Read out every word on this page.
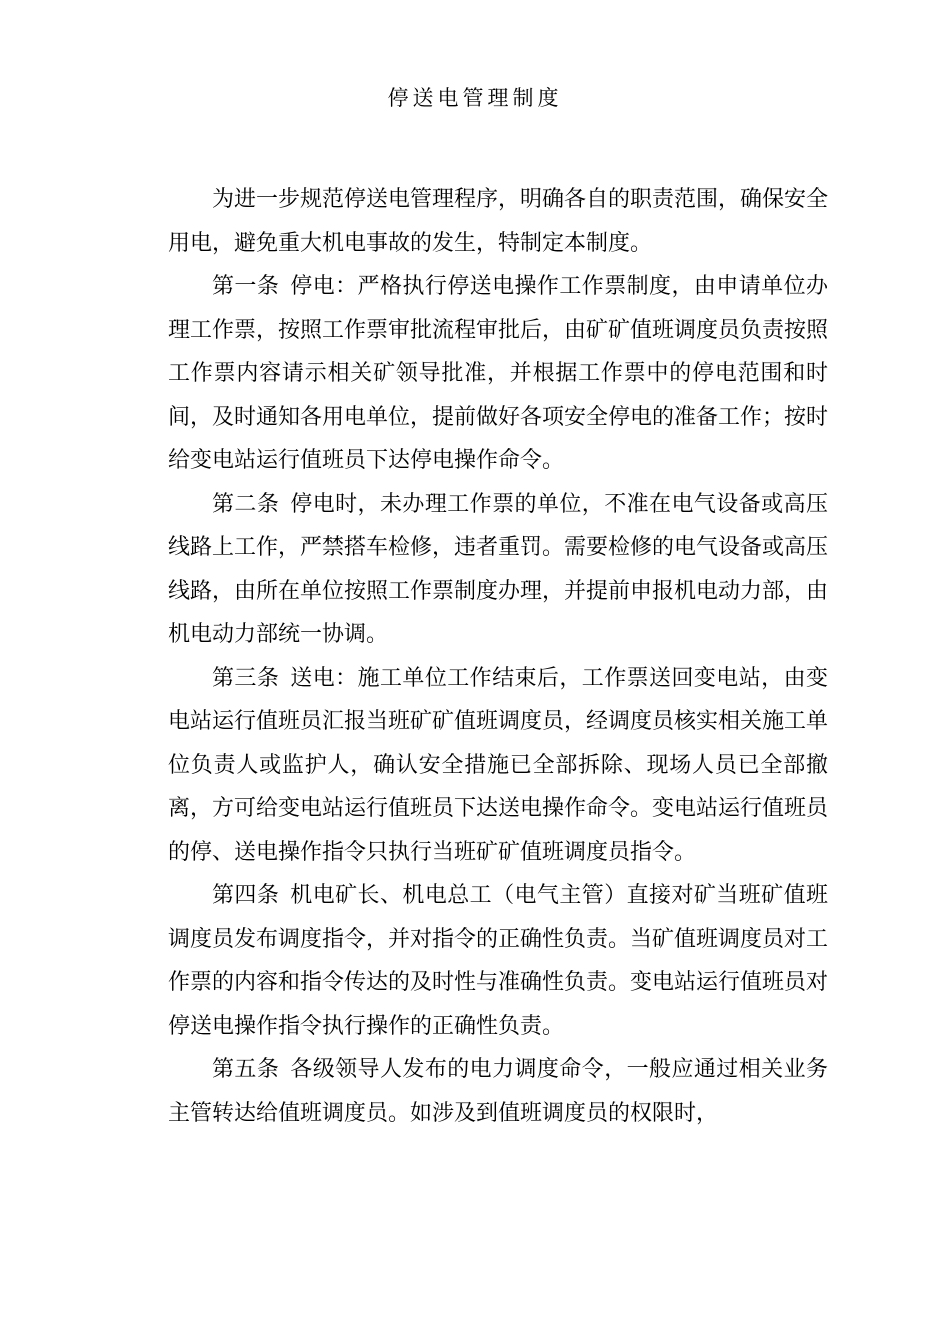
停送电管理制度

为进一步规范停送电管理程序，明确各自的职责范围，确保安全用电，避免重大机电事故的发生，特制定本制度。

第一条 停电：严格执行停送电操作工作票制度，由申请单位办理工作票，按照工作票审批流程审批后，由矿矿值班调度员负责按照工作票内容请示相关矿领导批准，并根据工作票中的停电范围和时间，及时通知各用电单位，提前做好各项安全停电的准备工作；按时给变电站运行值班员下达停电操作命令。

第二条 停电时，未办理工作票的单位，不准在电气设备或高压线路上工作，严禁搭车检修，违者重罚。需要检修的电气设备或高压线路，由所在单位按照工作票制度办理，并提前申报机电动力部，由机电动力部统一协调。

第三条 送电：施工单位工作结束后，工作票送回变电站，由变电站运行值班员汇报当班矿矿值班调度员，经调度员核实相关施工单位负责人或监护人，确认安全措施已全部拆除、现场人员已全部撤离，方可给变电站运行值班员下达送电操作命令。变电站运行值班员的停、送电操作指令只执行当班矿矿值班调度员指令。

第四条 机电矿长、机电总工（电气主管）直接对矿当班矿值班调度员发布调度指令，并对指令的正确性负责。当矿值班调度员对工作票的内容和指令传达的及时性与准确性负责。变电站运行值班员对停送电操作指令执行操作的正确性负责。

第五条 各级领导人发布的电力调度命令，一般应通过相关业务主管转达给值班调度员。如涉及到值班调度员的权限时，
